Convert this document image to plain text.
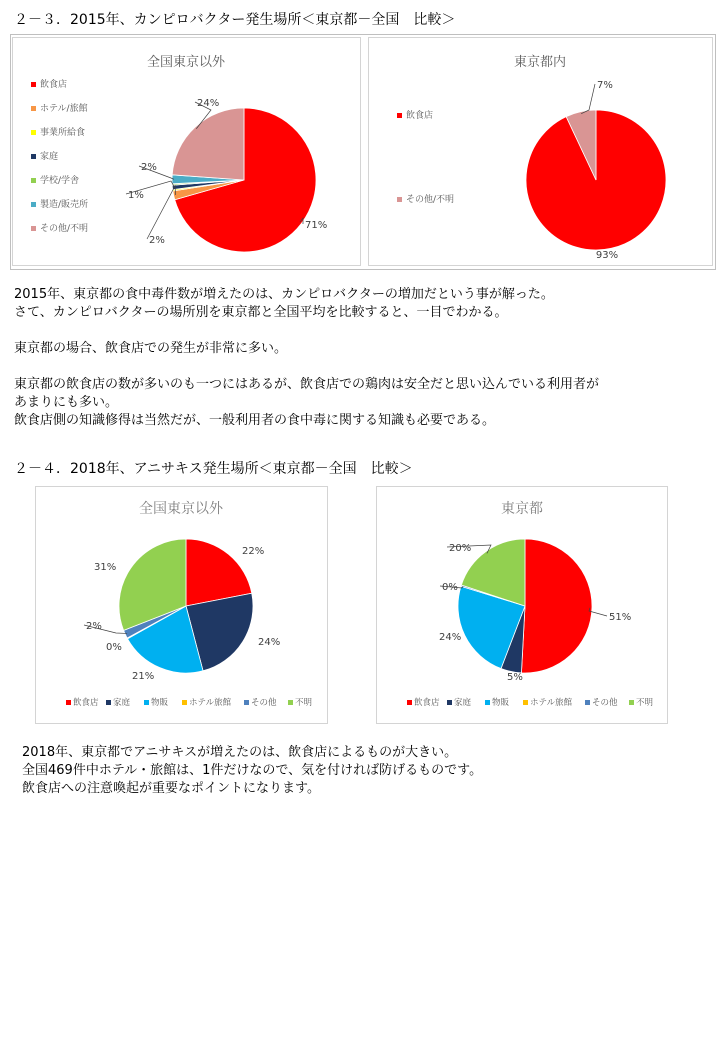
２－３．2015年、カンピロバクター発生場所＜東京都－全国　比較＞
全国東京以外
71%
2%
1%
2%
24%
飲食店
ホテル/旅館
事業所給食
家庭
学校/学舎
製造/販売所
その他/不明
東京都内
93%
7%
飲食店
その他/不明
2015年、東京都の食中毒件数が増えたのは、カンピロバクターの増加だという事が解った。
さて、カンピロバクターの場所別を東京都と全国平均を比較すると、一目でわかる。
東京都の場合、飲食店での発生が非常に多い。
東京都の飲食店の数が多いのも一つにはあるが、飲食店での鶏肉は安全だと思い込んでいる利用者が
あまりにも多い。
飲食店側の知識修得は当然だが、一般利用者の食中毒に関する知識も必要である。
２－４．2018年、アニサキス発生場所＜東京都－全国　比較＞
全国東京以外
22%
24%
21%
0%
2%
31%
飲食店 家庭 物販 ホテル旅館 その他 不明
東京都
51%
5%
24%
0%
20%
飲食店 家庭 物販 ホテル旅館 その他 不明
2018年、東京都でアニサキスが増えたのは、飲食店によるものが大きい。
全国469件中ホテル・旅館は、1件だけなので、気を付ければ防げるものです。
飲食店への注意喚起が重要なポイントになります。
